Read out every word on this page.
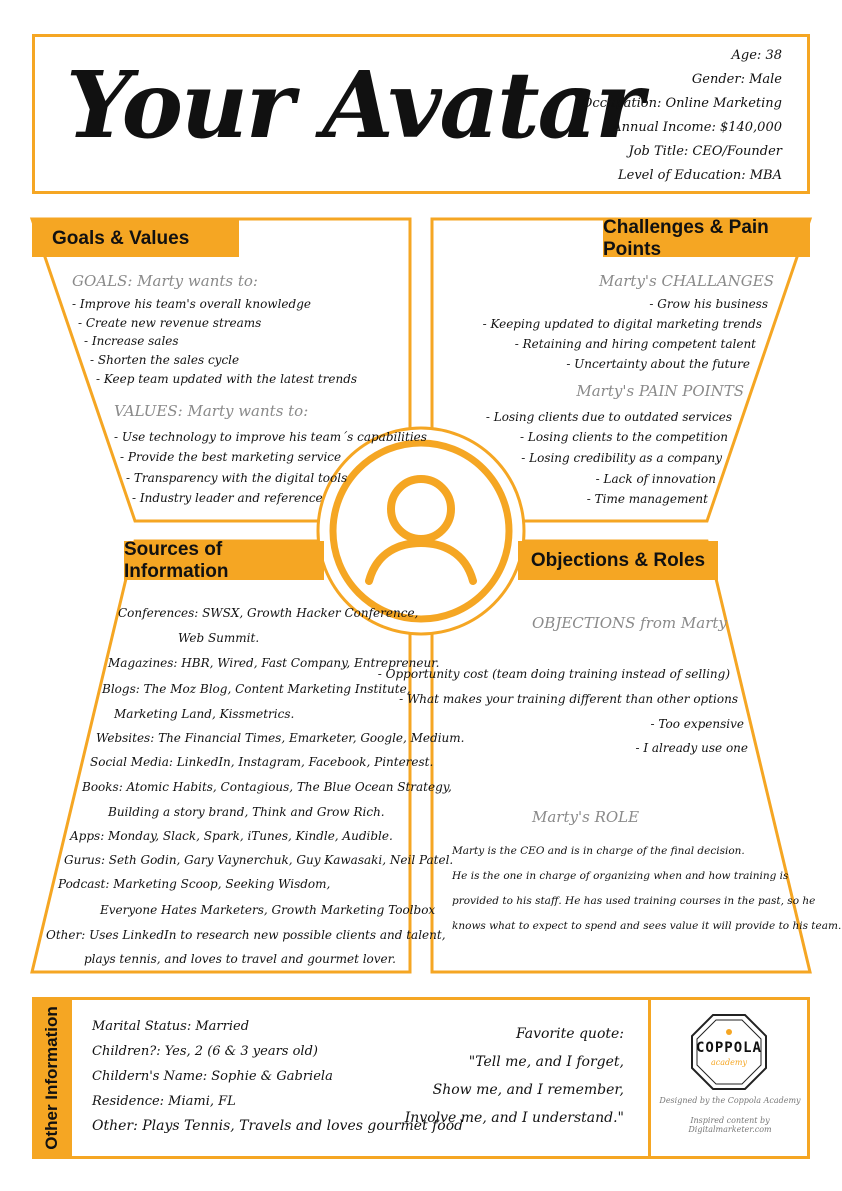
Your Avatar	Age: 38
Gender: Male
Occupation: Online Marketing
Annual Income: $140,000
Job Title: CEO/Founder
Level of Education: MBA
Goals & Values
Challenges & Pain Points
Sources of Information
Objections & Roles
GOALS: Marty wants to:
- Improve his team's overall knowledge
- Create new revenue streams
- Increase sales
- Shorten the sales cycle
- Keep team updated with the latest trends
VALUES: Marty wants to:
- Use technology to improve his team´s capabilities
- Provide the best marketing service
- Transparency with the digital tools
- Industry leader and reference
Marty's CHALLANGES
- Grow his business
- Keeping updated to digital marketing trends
- Retaining and hiring competent talent
- Uncertainty about the future
Marty's PAIN POINTS
- Losing clients due to outdated services
- Losing clients to the competition
- Losing credibility as a company
- Lack of innovation
- Time management
Conferences: SWSX, Growth Hacker Conference,
Web Summit.
Magazines: HBR, Wired, Fast Company, Entrepreneur.
Blogs: The Moz Blog, Content Marketing Institute,
Marketing Land, Kissmetrics.
Websites: The Financial Times, Emarketer, Google, Medium.
Social Media: LinkedIn, Instagram, Facebook, Pinterest.
Books: Atomic Habits, Contagious, The Blue Ocean Strategy,
Building a story brand, Think and Grow Rich.
Apps: Monday, Slack, Spark, iTunes, Kindle, Audible.
Gurus: Seth Godin, Gary Vaynerchuk, Guy Kawasaki, Neil Patel.
Podcast: Marketing Scoop, Seeking Wisdom,
Everyone Hates Marketers, Growth Marketing Toolbox
Other: Uses LinkedIn to research new possible clients and talent,
plays tennis, and loves to travel and gourmet lover.
OBJECTIONS from Marty
- Opportunity cost (team doing training instead of selling)
- What makes your training different than other options
- Too expensive
- I already use one
Marty's ROLE
Marty is the CEO and is in charge of the final decision.
He is the one in charge of organizing when and how training is
provided to his staff. He has used training courses in the past, so he
knows what to expect to spend and sees value it will provide to his team.
Other Information Marital Status: Married
Children?: Yes, 2 (6 & 3 years old)
Childern's Name: Sophie & Gabriela
Residence: Miami, FL
Other: Plays Tennis, Travels and loves gourmet food
Favorite quote:
"Tell me, and I forget,
Show me, and I remember,
Involve me, and I understand."
COPPOLA
academy
Designed by the Coppola Academy
Inspired content by Digitalmarketer.com
